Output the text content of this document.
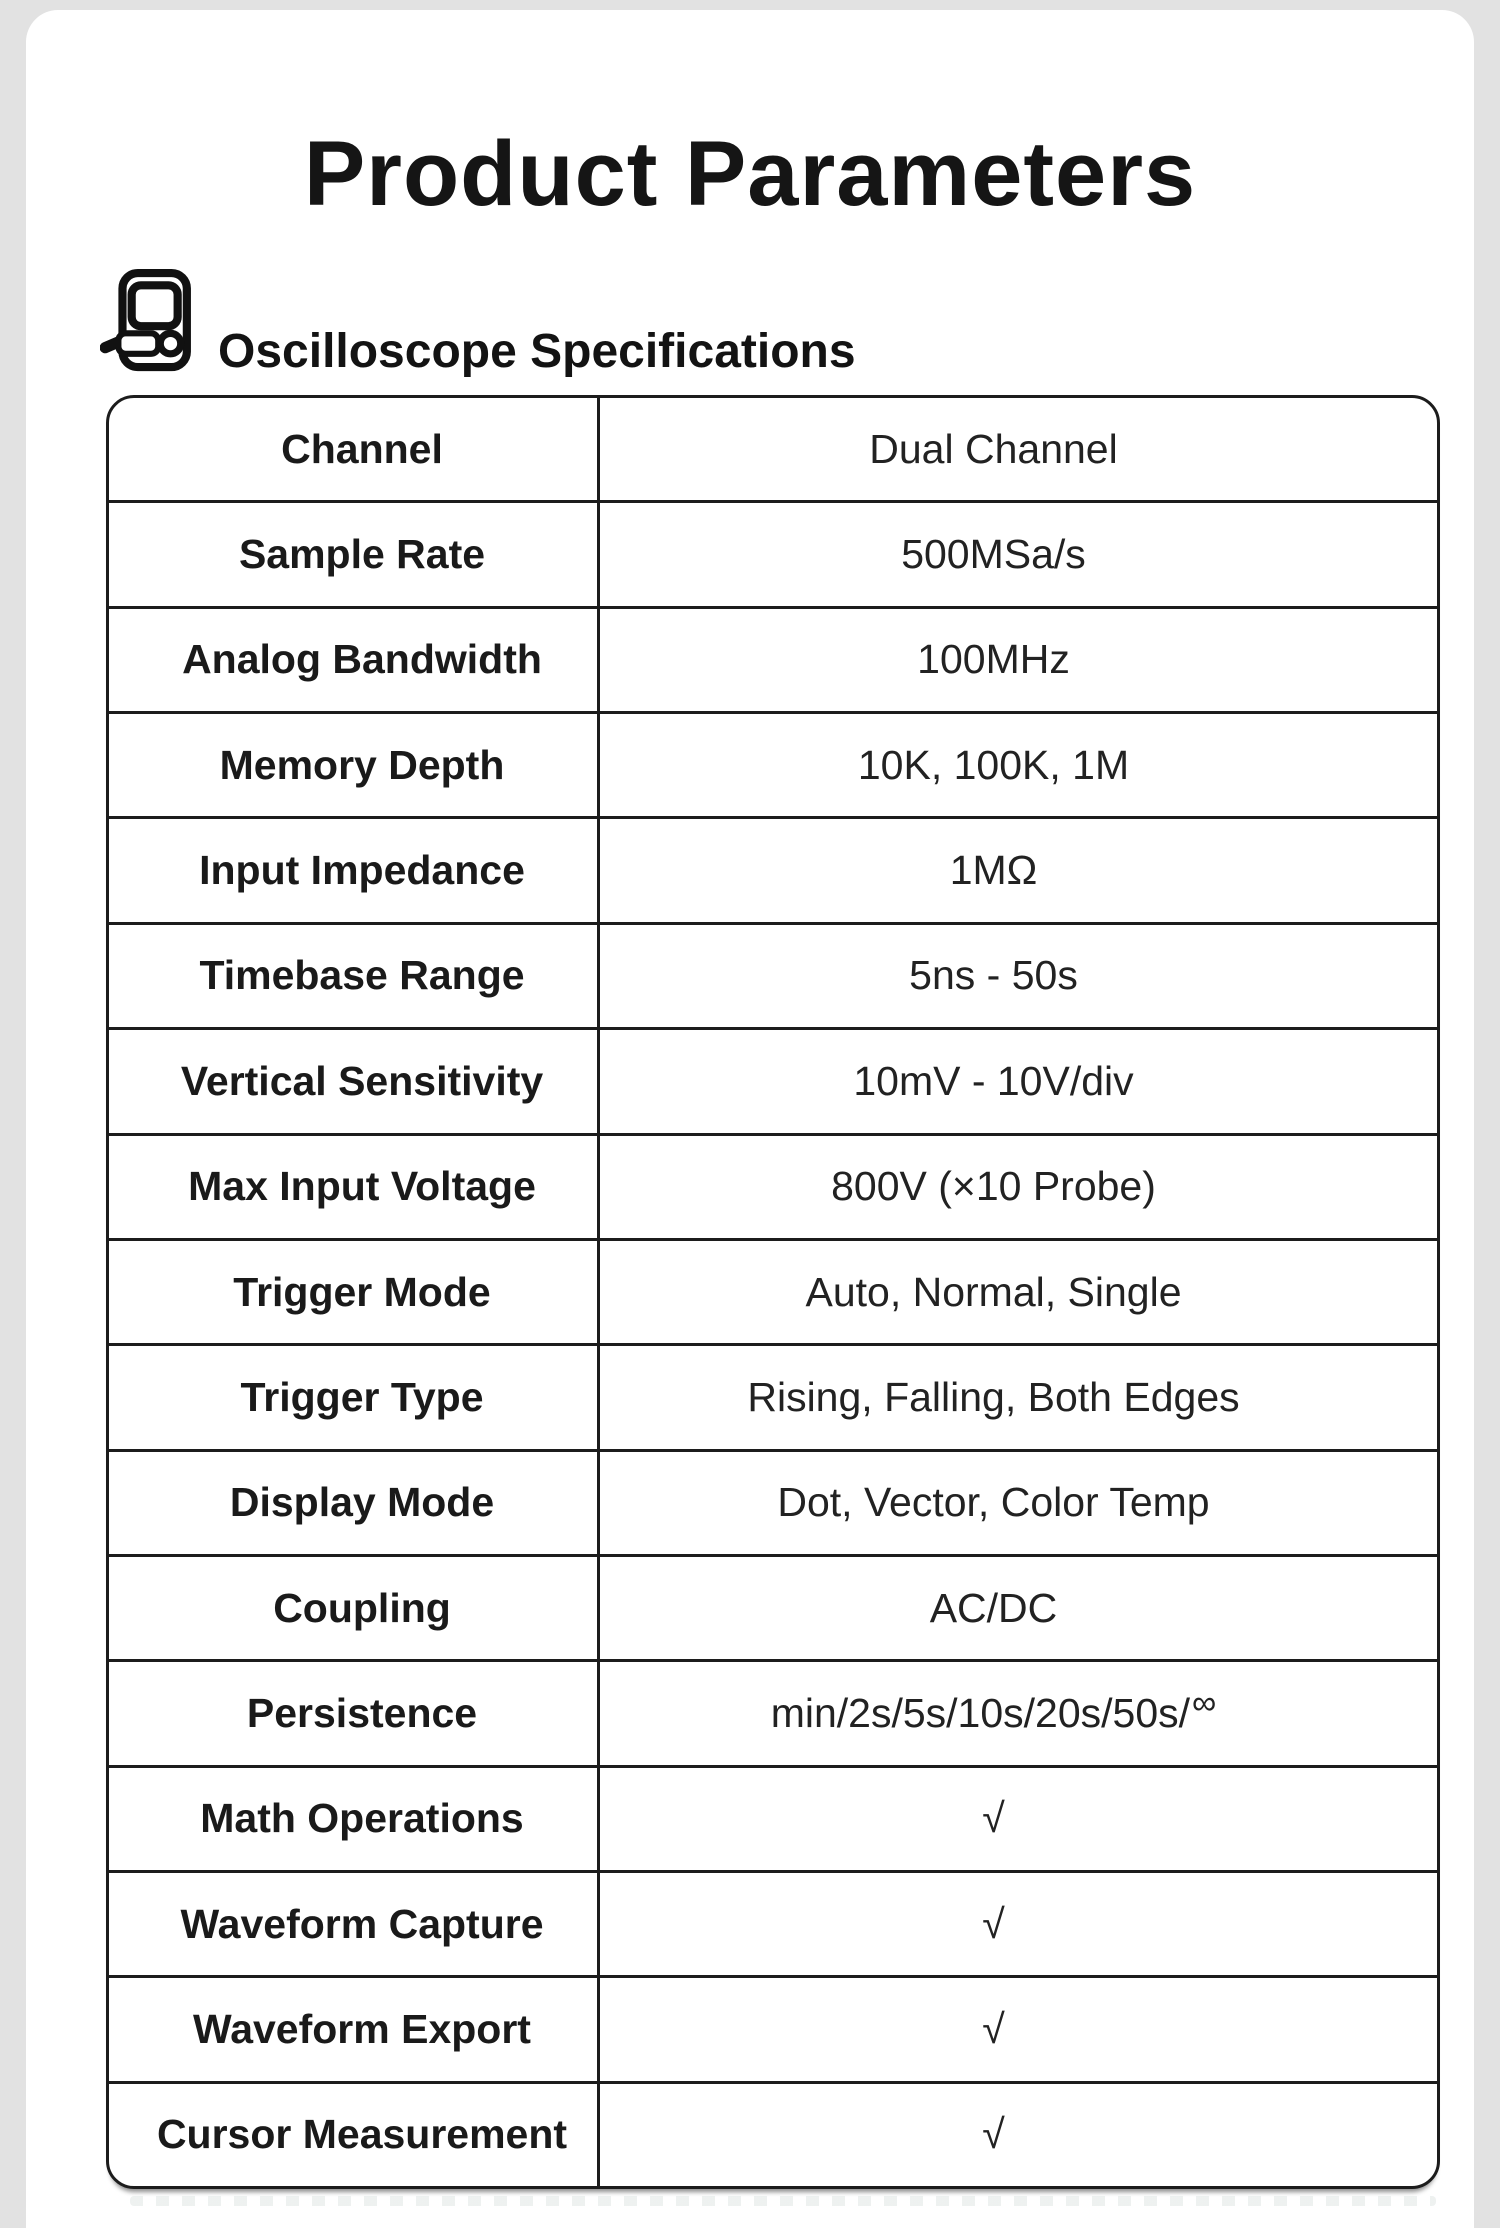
Product Parameters
Oscilloscope Specifications
Channel	Dual Channel
Sample Rate	500MSa/s
Analog Bandwidth	100MHz
Memory Depth	10K, 100K, 1M
Input Impedance	1MΩ
Timebase Range	5ns - 50s
Vertical Sensitivity	10mV - 10V/div
Max Input Voltage	800V (×10 Probe)
Trigger Mode	Auto, Normal, Single
Trigger Type	Rising, Falling, Both Edges
Display Mode	Dot, Vector, Color Temp
Coupling	AC/DC
Persistence	min/2s/5s/10s/20s/50s/ ∞
Math Operations	√
Waveform Capture	√
Waveform Export	√
Cursor Measurement	√
